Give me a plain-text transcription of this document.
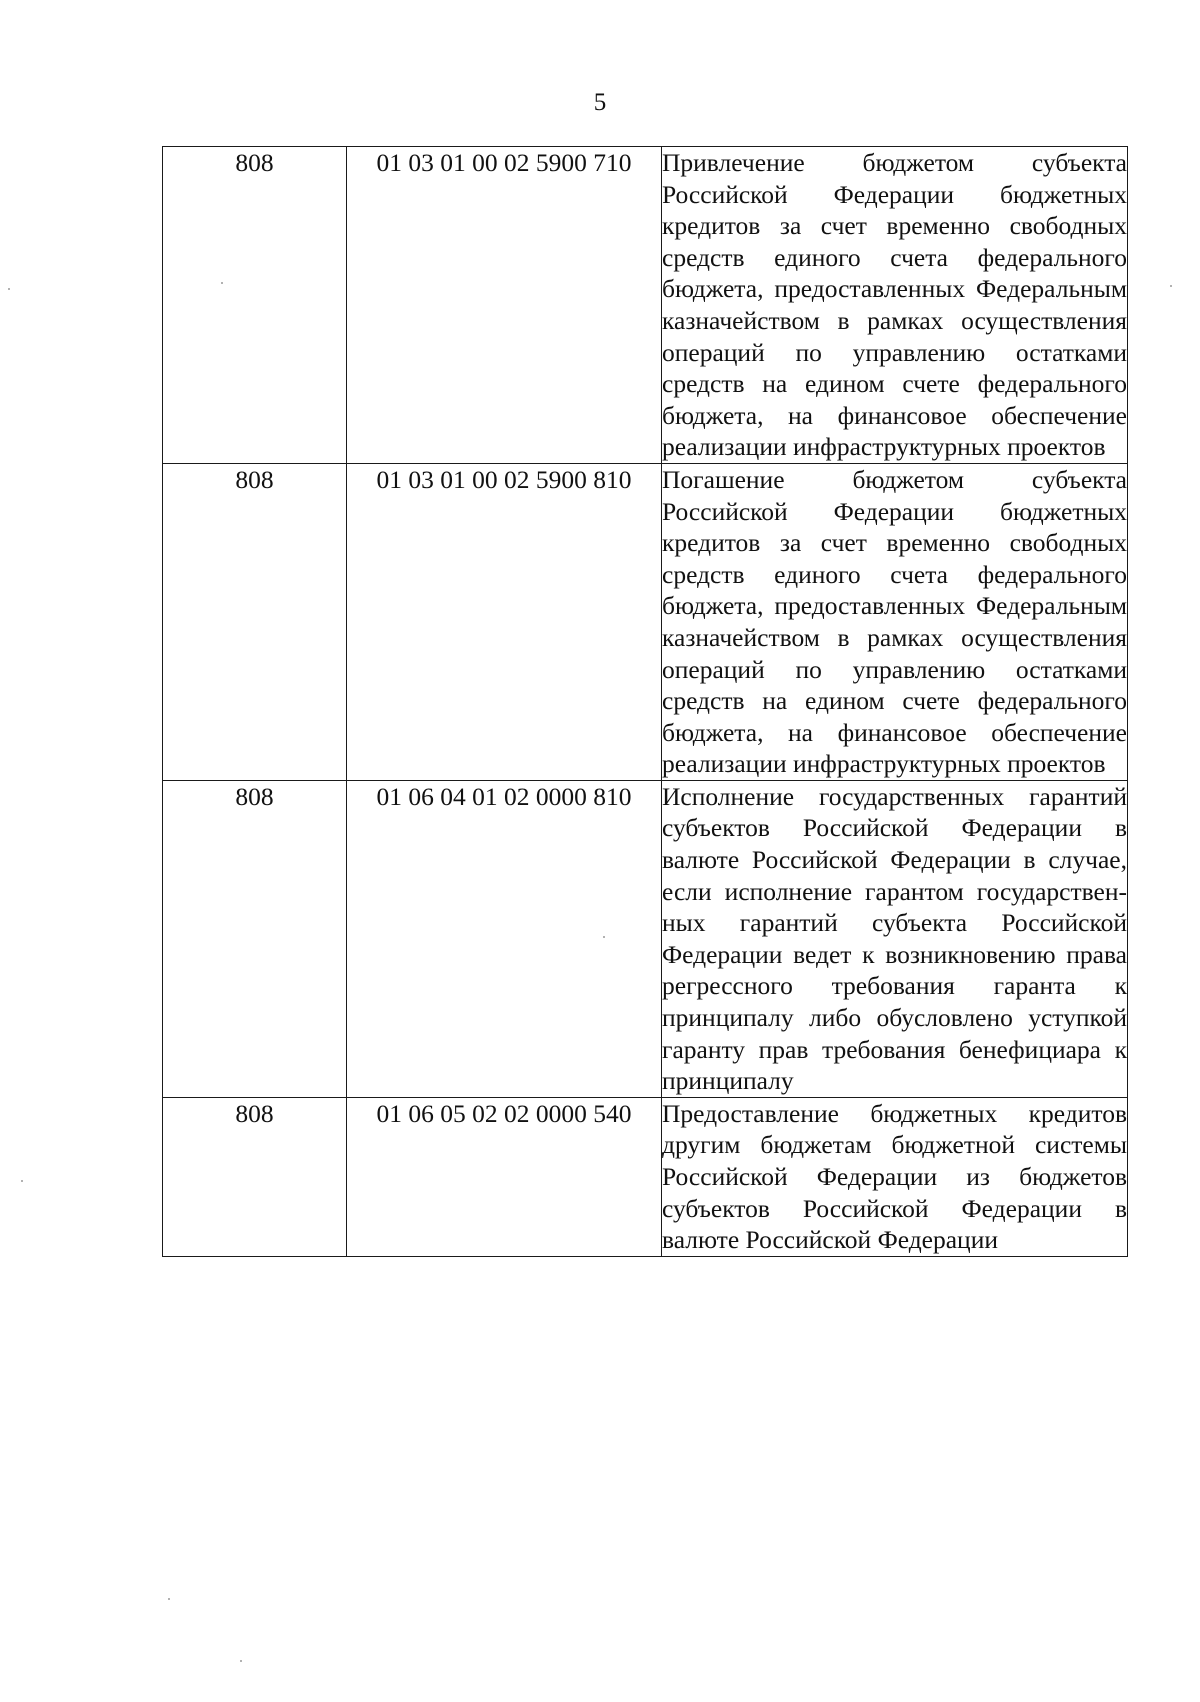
5
808	01 03 01 00 02 5900 710	Привлечение бюджетом субъекта Российской Федерации бюджетных кредитов за счет временно свободных средств единого счета федерального бюджета, предоставленных Федеральным казначейством в рамках осуществления операций по управлению остатками средств на едином счете федерального бюджета, на финансовое обеспечение реализации инфраструктурных проектов
808	01 03 01 00 02 5900 810	Погашение бюджетом субъекта Российской Федерации бюджетных кредитов за счет временно свободных средств единого счета федерального бюджета, предоставленных Федеральным казначейством в рамках осуществления операций по управлению остатками средств на едином счете федерального бюджета, на финансовое обеспечение реализации инфраструктурных проектов
808	01 06 04 01 02 0000 810	Исполнение государственных гарантий субъектов Российской Федерации в валюте Российской Федерации в случае, если исполнение гарантом государственных гарантий субъекта Российской Федерации ведет к возникновению права регрессного требования гаранта к принципалу либо обусловлено уступкой гаранту прав требования бенефициара к принципалу
808	01 06 05 02 02 0000 540	Предоставление бюджетных кредитов другим бюджетам бюджетной системы Российской Федерации из бюджетов субъектов Российской Федерации в валюте Российской Федерации
